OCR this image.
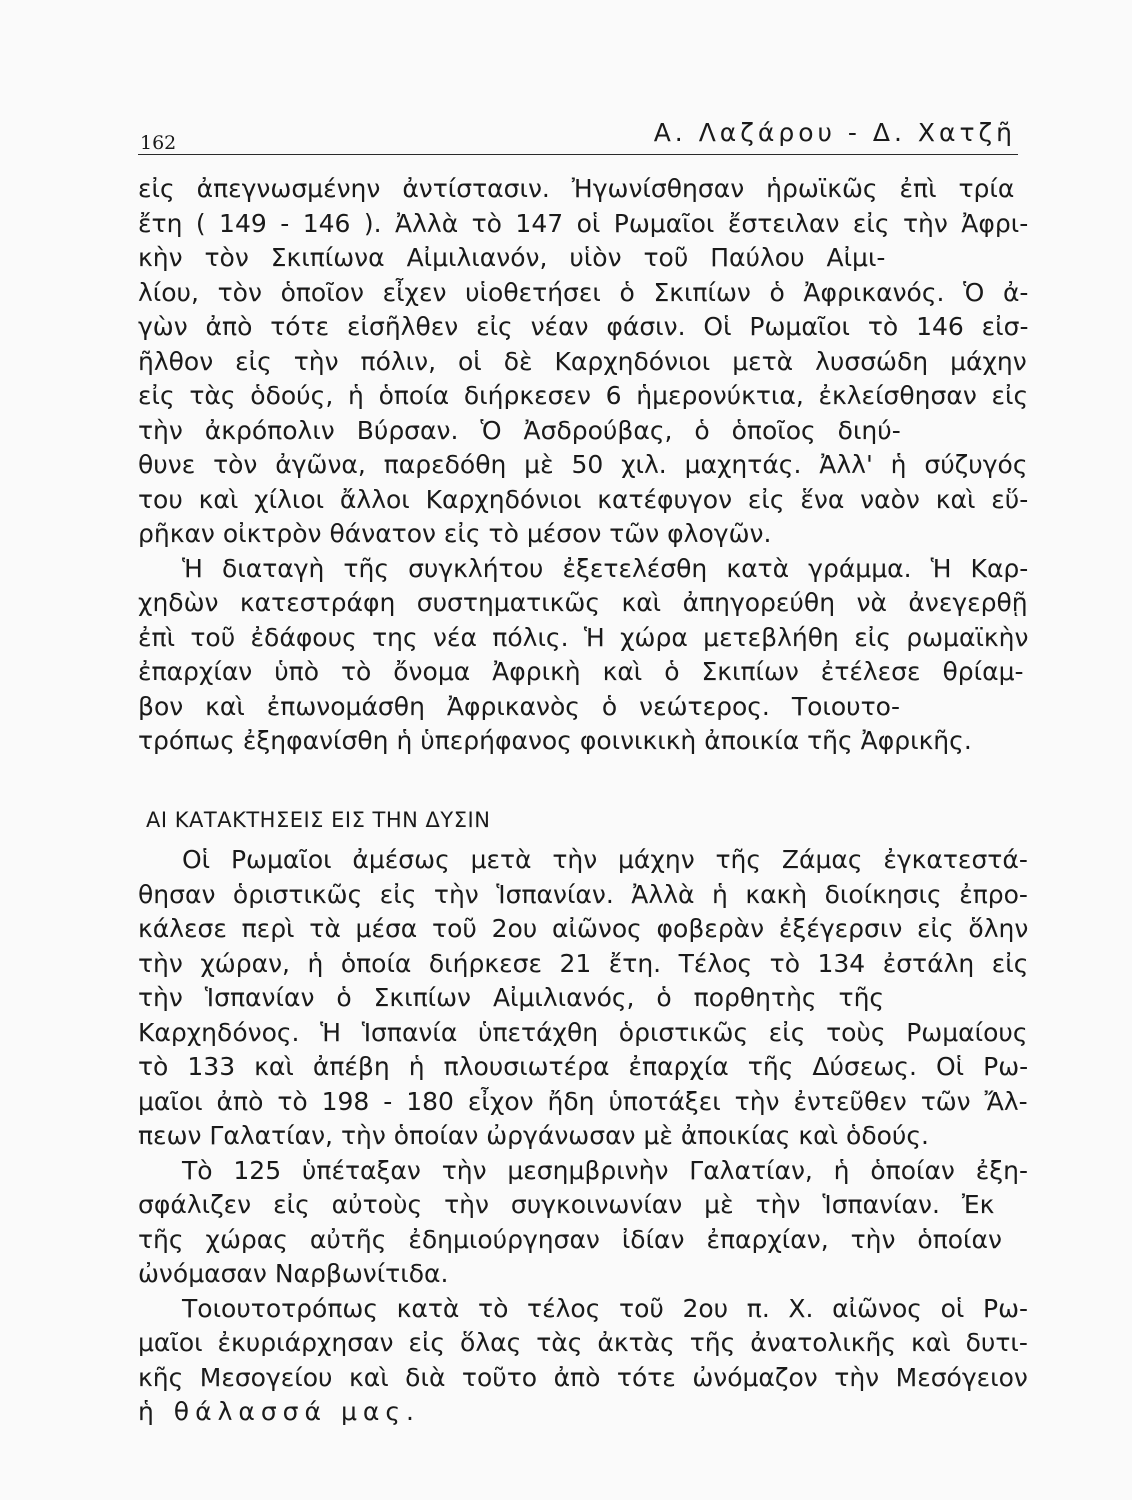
162	Α. Λαζάρου - Δ. Χατζῆ
εἰς ἀπεγνωσμένην ἀντίστασιν. Ἠγωνίσθησαν ἡρωϊκῶς ἐπὶ τρία
ἔτη ( 149 - 146 ). Ἀλλὰ τὸ 147 οἱ Ρωμαῖοι ἔστειλαν εἰς τὴν Ἀφρι-
κὴν τὸν Σκιπίωνα Αἰμιλιανόν, υἱὸν τοῦ Παύλου Αἰμι-
λίου, τὸν ὁποῖον εἶχεν υἱοθετήσει ὁ Σκιπίων ὁ Ἀφρικανός. Ὁ ἀ-
γὼν ἀπὸ τότε εἰσῆλθεν εἰς νέαν φάσιν. Οἱ Ρωμαῖοι τὸ 146 εἰσ-
ῆλθον εἰς τὴν πόλιν, οἱ δὲ Καρχηδόνιοι μετὰ λυσσώδη μάχην
εἰς τὰς ὁδούς, ἡ ὁποία διήρκεσεν 6 ἡμερονύκτια, ἐκλείσθησαν εἰς
τὴν ἀκρόπολιν Βύρσαν. Ὁ Ἀσδρούβας, ὁ ὁποῖος διηύ-
θυνε τὸν ἀγῶνα, παρεδόθη μὲ 50 χιλ. μαχητάς. Ἀλλ' ἡ σύζυγός
του καὶ χίλιοι ἄλλοι Καρχηδόνιοι κατέφυγον εἰς ἕνα ναὸν καὶ εὕ-
ρῆκαν οἰκτρὸν θάνατον εἰς τὸ μέσον τῶν φλογῶν.
Ἡ διαταγὴ τῆς συγκλήτου ἐξετελέσθη κατὰ γράμμα. Ἡ Καρ-
χηδὼν κατεστράφη συστηματικῶς καὶ ἀπηγορεύθη νὰ ἀνεγερθῇ
ἐπὶ τοῦ ἐδάφους της νέα πόλις. Ἡ χώρα μετεβλήθη εἰς ρωμαϊκὴν
ἐπαρχίαν ὑπὸ τὸ ὄνομα Ἀφρικὴ καὶ ὁ Σκιπίων ἐτέλεσε θρίαμ-
βον καὶ ἐπωνομάσθη Ἀφρικανὸς ὁ νεώτερος. Τοιουτο-
τρόπως ἐξηφανίσθη ἡ ὑπερήφανος φοινικικὴ ἀποικία τῆς Ἀφρικῆς.
ΑΙ ΚΑΤΑΚΤΗΣΕΙΣ ΕΙΣ ΤΗΝ ΔΥΣΙΝ
Οἱ Ρωμαῖοι ἀμέσως μετὰ τὴν μάχην τῆς Ζάμας ἐγκατεστά-
θησαν ὁριστικῶς εἰς τὴν Ἱσπανίαν. Ἀλλὰ ἡ κακὴ διοίκησις ἐπρο-
κάλεσε περὶ τὰ μέσα τοῦ 2ου αἰῶνος φοβερὰν ἐξέγερσιν εἰς ὅλην
τὴν χώραν, ἡ ὁποία διήρκεσε 21 ἔτη. Τέλος τὸ 134 ἐστάλη εἰς
τὴν Ἱσπανίαν ὁ Σκιπίων Αἰμιλιανός, ὁ πορθητὴς τῆς
Καρχηδόνος. Ἡ Ἱσπανία ὑπετάχθη ὁριστικῶς εἰς τοὺς Ρωμαίους
τὸ 133 καὶ ἀπέβη ἡ πλουσιωτέρα ἐπαρχία τῆς Δύσεως. Οἱ Ρω-
μαῖοι ἀπὸ τὸ 198 - 180 εἶχον ἤδη ὑποτάξει τὴν ἐντεῦθεν τῶν Ἄλ-
πεων Γαλατίαν, τὴν ὁποίαν ὠργάνωσαν μὲ ἀποικίας καὶ ὁδούς.
Τὸ 125 ὑπέταξαν τὴν μεσημβρινὴν Γαλατίαν, ἡ ὁποίαν ἐξη-
σφάλιζεν εἰς αὐτοὺς τὴν συγκοινωνίαν μὲ τὴν Ἱσπανίαν. Ἐκ
τῆς χώρας αὐτῆς ἐδημιούργησαν ἰδίαν ἐπαρχίαν, τὴν ὁποίαν
ὠνόμασαν Ναρβωνίτιδα.
Τοιουτοτρόπως κατὰ τὸ τέλος τοῦ 2ου π. Χ. αἰῶνος οἱ Ρω-
μαῖοι ἐκυριάρχησαν εἰς ὅλας τὰς ἀκτὰς τῆς ἀνατολικῆς καὶ δυτι-
κῆς Μεσογείου καὶ διὰ τοῦτο ἀπὸ τότε ὠνόμαζον τὴν Μεσόγειον
ἡ θάλασσά μας.
